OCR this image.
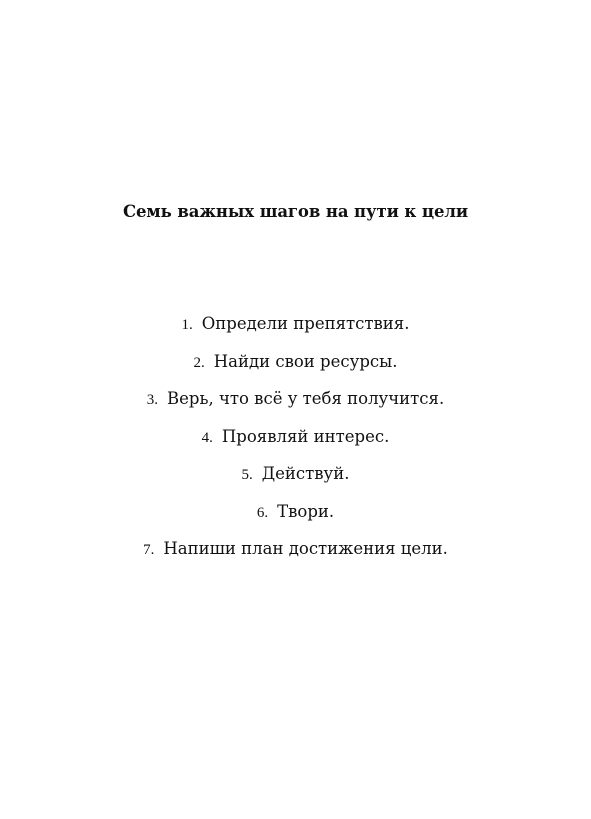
Семь важных шагов на пути к цели
1. Определи препятствия.
2. Найди свои ресурсы.
3. Верь, что всё у тебя получится.
4. Проявляй интерес.
5. Действуй.
6. Твори.
7. Напиши план достижения цели.
